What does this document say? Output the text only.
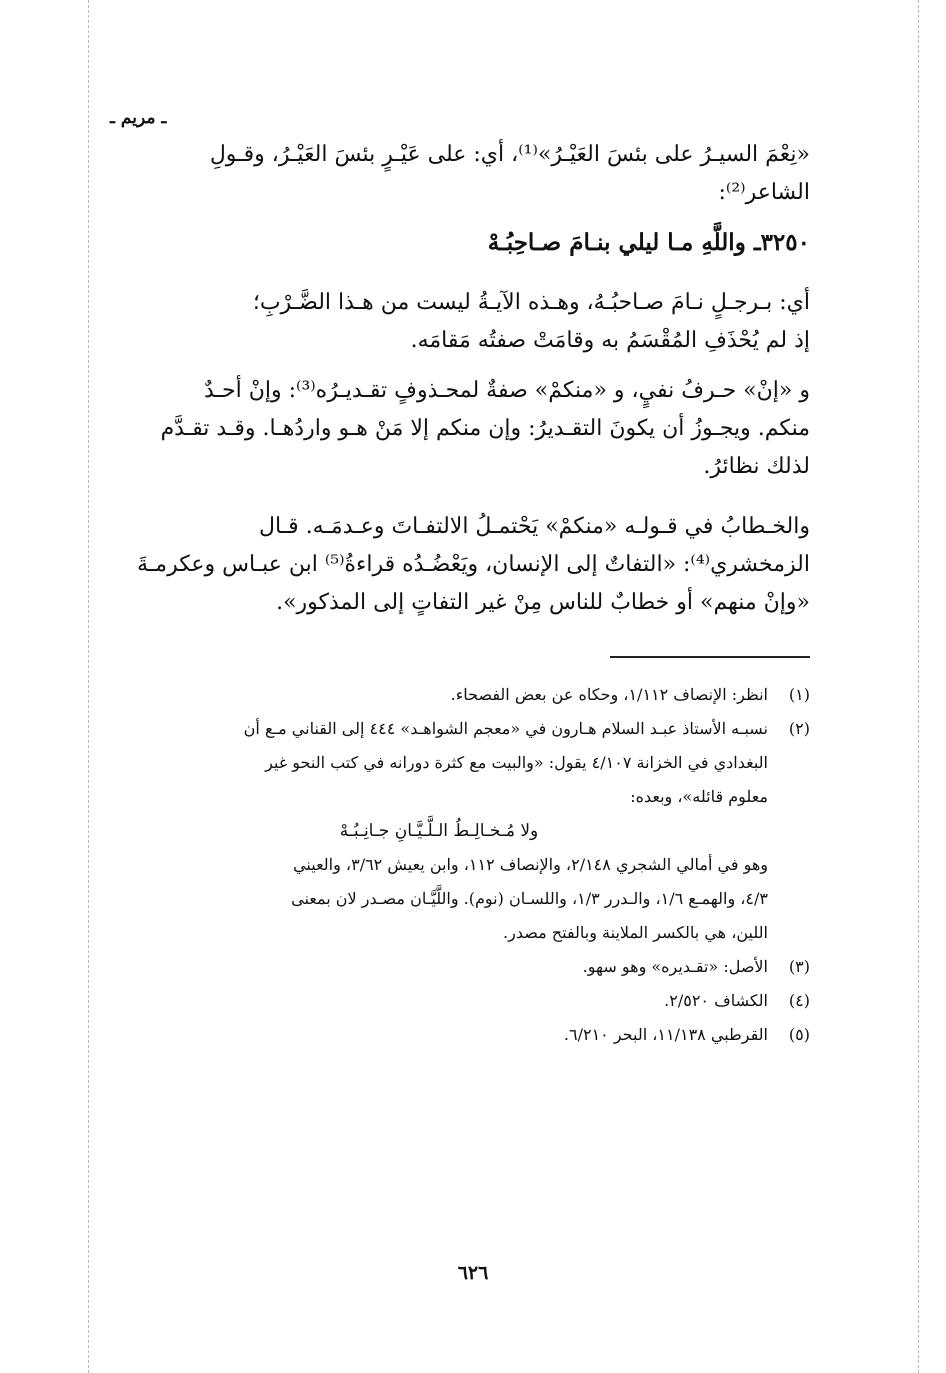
ـ مريم ـ

«نِعْمَ السيـرُ على بئسَ العَيْـرُ»⁽¹⁾، أي: على عَيْـرٍ بئسَ العَيْـرُ، وقـولِ
الشاعر⁽²⁾:

٣٢٥٠ـ واللَّهِ مـا ليلي بنـامَ صـاحِبُـهْ

أي: بـرجـلٍ نـامَ صـاحبُـهُ، وهـذه الآيـةُ ليست من هـذا الضَّـرْبِ؛
إذ لم يُحْذَفِ المُقْسَمُ به وقامَتْ صفتُه مَقامَه.

و «إنْ» حـرفُ نفيٍ، و «منكمْ» صفةٌ لمحـذوفٍ تقـديـرُه⁽³⁾: وإنْ أحـدٌ
منكم. ويجـوزُ أن يكونَ التقـديرُ: وإن منكم إلا مَنْ هـو واردُهـا. وقـد تقـدَّم
لذلك نظائرُ.

والخـطابُ في قـولـه «منكمْ» يَحْتمـلُ الالتفـاتَ وعـدمَـه. قـال
الزمخشري⁽⁴⁾: «التفاتٌ إلى الإنسان، ويَعْضُـدُه قراءةُ⁽⁵⁾ ابن عبـاس وعكرمـةَ
«وإنْ منهم» أو خطابٌ للناس مِنْ غير التفاتٍ إلى المذكور».

(١)
انظر: الإنصاف ١/١١٢، وحكاه عن بعض الفصحاء.
(٢)
نسبـه الأستاذ عبـد السلام هـارون في «معجم الشواهـد» ٤٤٤ إلى القناني مـع أن
البغدادي في الخزانة ٤/١٠٧ يقول: «والبيت مع كثرة دورانه في كتب النحو غير
معلوم قائله»، وبعده:
ولا مُـخـالِـطُ الـلَّـيَّـانِ جـانِـبُـهْ
وهو في أمالي الشجري ٢/١٤٨، والإنصاف ١١٢، وابن يعيش ٣/٦٢، والعيني
٤/٣، والهمـع ١/٦، والـدرر ١/٣، واللسـان (نوم). واللَّيَّـان مصـدر لان بمعنى
اللين، هي بالكسر الملاينة وبالفتح مصدر.
(٣)
الأصل: «تقـديره» وهو سهو.
(٤)
الكشاف ٢/٥٢٠.
(٥)
القرطبي ١١/١٣٨، البحر ٦/٢١٠.
٦٢٦
